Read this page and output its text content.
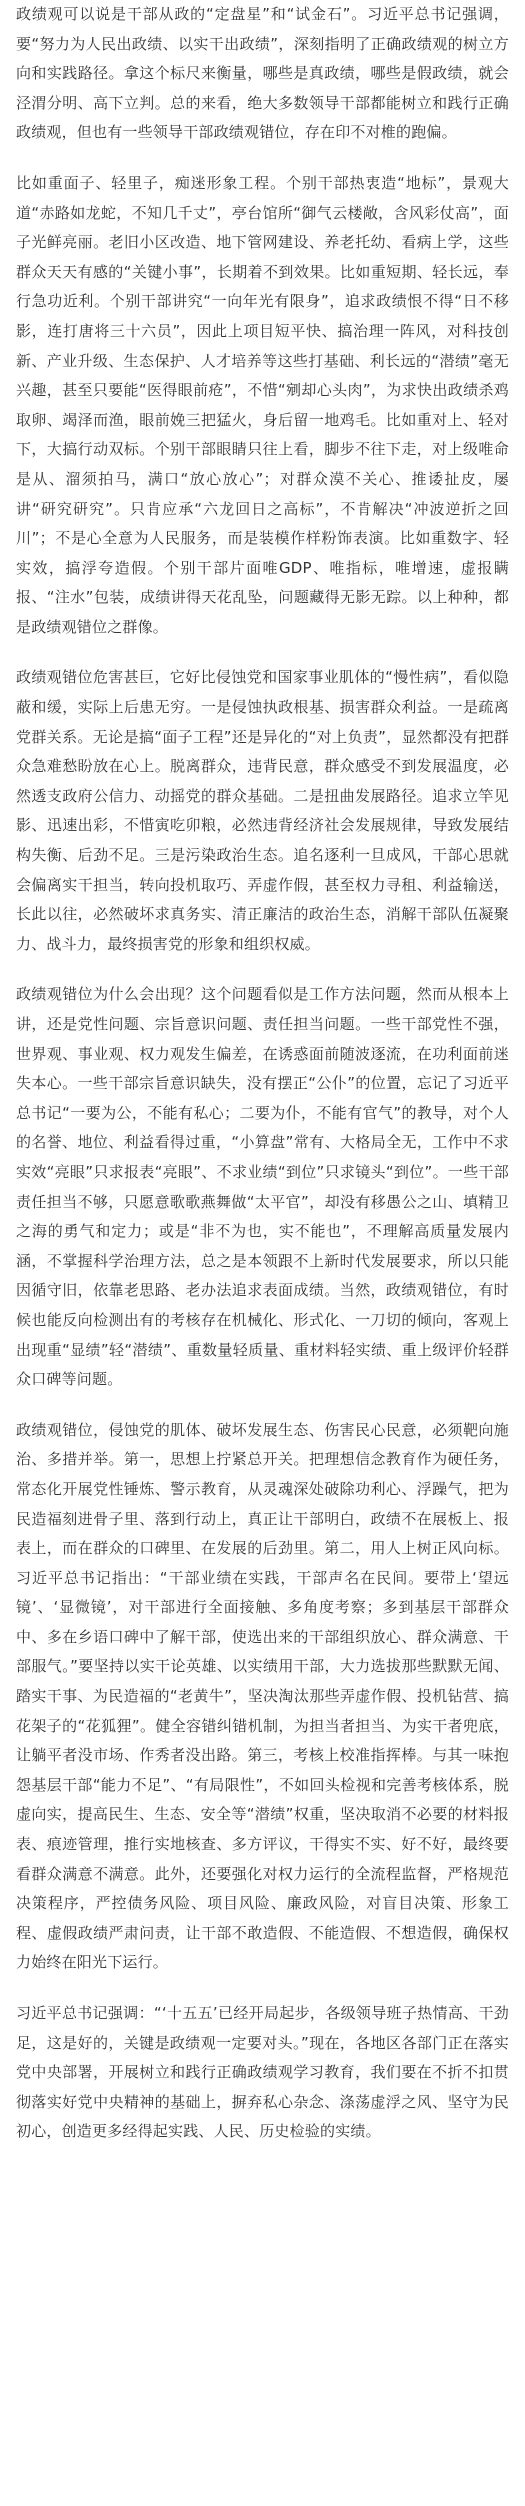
政绩观可以说是干部从政的“定盘星”和“试金石”。习近平总书记强调，要“努力为人民出政绩、以实干出政绩”，深刻指明了正确政绩观的树立方向和实践路径。拿这个标尺来衡量，哪些是真政绩，哪些是假政绩，就会泾渭分明、高下立判。总的来看，绝大多数领导干部都能树立和践行正确政绩观，但也有一些领导干部政绩观错位，存在印不对椎的跑偏。

比如重面子、轻里子，痴迷形象工程。个别干部热衷造“地标”，景观大道“赤路如龙蛇，不知几千丈”，亭台馆所“御气云楼敞，含风彩仗高”，面子光鲜亮丽。老旧小区改造、地下管网建设、养老托幼、看病上学，这些群众天天有感的“关键小事”，长期着不到效果。比如重短期、轻长远，奉行急功近利。个别干部讲究“一向年光有限身”，追求政绩恨不得“日不移影，连打唐将三十六员”，因此上项目短平快、搞治理一阵风，对科技创新、产业升级、生态保护、人才培养等这些打基础、利长远的“潜绩”毫无兴趣，甚至只要能“医得眼前疮”，不惜“剜却心头肉”，为求快出政绩杀鸡取卵、竭泽而渔，眼前娩三把猛火，身后留一地鸡毛。比如重对上、轻对下，大搞行动双标。个别干部眼睛只往上看，脚步不往下走，对上级唯命是从、溜须拍马，满口“放心放心”；对群众漠不关心、推诿扯皮，屡讲“研究研究”。只肯应承“六龙回日之高标”，不肯解决“冲波逆折之回川”；不是心全意为人民服务，而是装模作样粉饰表演。比如重数字、轻实效，搞浮夸造假。个别干部片面唯GDP、唯指标，唯增速，虚报瞒报、“注水”包装，成绩讲得天花乱坠，问题藏得无影无踪。以上种种，都是政绩观错位之群像。

政绩观错位危害甚巨，它好比侵蚀党和国家事业肌体的“慢性病”，看似隐蔽和缓，实际上后患无穷。一是侵蚀执政根基、损害群众利益。一是疏离党群关系。无论是搞“面子工程”还是异化的“对上负责”，显然都没有把群众急难愁盼放在心上。脱离群众，违背民意，群众感受不到发展温度，必然透支政府公信力、动摇党的群众基础。二是扭曲发展路径。追求立竿见影、迅速出彩，不惜寅吃卯粮，必然违背经济社会发展规律，导致发展结构失衡、后劲不足。三是污染政治生态。追名逐利一旦成风，干部心思就会偏离实干担当，转向投机取巧、弄虚作假，甚至权力寻租、利益输送，长此以往，必然破坏求真务实、清正廉洁的政治生态，消解干部队伍凝聚力、战斗力，最终损害党的形象和组织权威。

政绩观错位为什么会出现？这个问题看似是工作方法问题，然而从根本上讲，还是党性问题、宗旨意识问题、责任担当问题。一些干部党性不强，世界观、事业观、权力观发生偏差，在诱惑面前随波逐流，在功利面前迷失本心。一些干部宗旨意识缺失，没有摆正“公仆”的位置，忘记了习近平总书记“一要为公，不能有私心；二要为仆，不能有官气”的教导，对个人的名誉、地位、利益看得过重，“小算盘”常有、大格局全无，工作中不求实效“亮眼”只求报表“亮眼”、不求业绩“到位”只求镜头“到位”。一些干部责任担当不够，只愿意歌歌燕舞做“太平官”，却没有移愚公之山、填精卫之海的勇气和定力；或是“非不为也，实不能也”，不理解高质量发展内涵，不掌握科学治理方法，总之是本领跟不上新时代发展要求，所以只能因循守旧，依靠老思路、老办法追求表面成绩。当然，政绩观错位，有时候也能反向检测出有的考核存在机械化、形式化、一刀切的倾向，客观上出现重“显绩”轻“潜绩”、重数量轻质量、重材料轻实绩、重上级评价轻群众口碑等问题。

政绩观错位，侵蚀党的肌体、破坏发展生态、伤害民心民意，必须靶向施治、多措并举。第一，思想上拧紧总开关。把理想信念教育作为硬任务，常态化开展党性锤炼、警示教育，从灵魂深处破除功利心、浮躁气，把为民造福刻进骨子里、落到行动上，真正让干部明白，政绩不在展板上、报表上，而在群众的口碑里、在发展的后劲里。第二，用人上树正风向标。习近平总书记指出：“干部业绩在实践，干部声名在民间。要带上‘望远镜’、‘显微镜’，对干部进行全面接触、多角度考察；多到基层干部群众中、多在乡语口碑中了解干部，使选出来的干部组织放心、群众满意、干部服气。”要坚持以实干论英雄、以实绩用干部，大力选拔那些默默无闻、踏实干事、为民造福的“老黄牛”，坚决淘汰那些弄虚作假、投机钻营、搞花架子的“花狐狸”。健全容错纠错机制，为担当者担当、为实干者兜底，让躺平者没市场、作秀者没出路。第三，考核上校准指挥棒。与其一味抱怨基层干部“能力不足”、“有局限性”，不如回头检视和完善考核体系，脱虚向实，提高民生、生态、安全等“潜绩”权重，坚决取消不必要的材料报表、痕迹管理，推行实地核查、多方评议，干得实不实、好不好，最终要看群众满意不满意。此外，还要强化对权力运行的全流程监督，严格规范决策程序，严控债务风险、项目风险、廉政风险，对盲目决策、形象工程、虚假政绩严肃问责，让干部不敢造假、不能造假、不想造假，确保权力始终在阳光下运行。

习近平总书记强调：“‘十五五’已经开局起步，各级领导班子热情高、干劲足，这是好的，关键是政绩观一定要对头。”现在，各地区各部门正在落实党中央部署，开展树立和践行正确政绩观学习教育，我们要在不折不扣贯彻落实好党中央精神的基础上，摒弃私心杂念、涤荡虚浮之风、坚守为民初心，创造更多经得起实践、人民、历史检验的实绩。
